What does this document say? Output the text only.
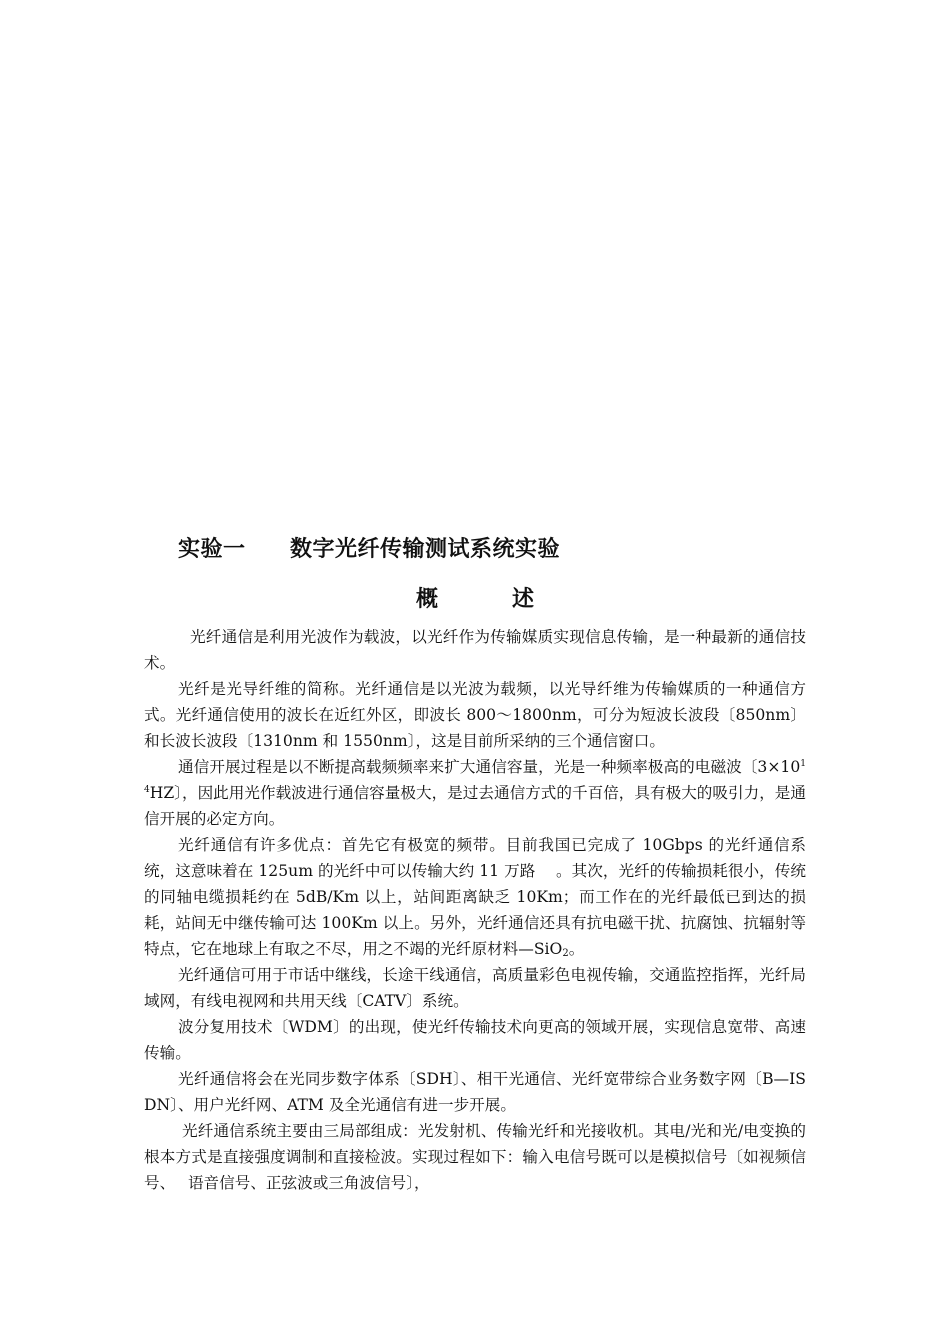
实验一 数字光纤传输测试系统实验
概	述

光纤通信是利用光波作为载波，以光纤作为传输媒质实现信息传输，是一种最新的通信技术。

光纤是光导纤维的简称。光纤通信是以光波为载频，以光导纤维为传输媒质的一种通信方式。光纤通信使用的波长在近红外区，即波长 800～1800nm，可分为短波长波段〔850nm〕和长波长波段〔1310nm 和 1550nm〕，这是目前所采纳的三个通信窗口。

通信开展过程是以不断提高载频频率来扩大通信容量，光是一种频率极高的电磁波〔$3\times 10^{14}HZ$〕，因此用光作载波进行通信容量极大，是过去通信方式的千百倍，具有极大的吸引力，是通信开展的必定方向。

光纤通信有许多优点：首先它有极宽的频带。目前我国已完成了 10Gbps 的光纤通信系统，这意味着在 125um 的光纤中可以传输大约 11 万路　 。其次，光纤的传输损耗很小，传统的同轴电缆损耗约在 5dB/Km 以上，站间距离缺乏 10Km；而工作在的光纤最低已到达的损耗，站间无中继传输可达 100Km 以上。另外，光纤通信还具有抗电磁干扰、抗腐蚀、抗辐射等特点，它在地球上有取之不尽，用之不竭的光纤原材料—SiO$_2$。

光纤通信可用于市话中继线，长途干线通信，高质量彩色电视传输，交通监控指挥，光纤局域网，有线电视网和共用天线〔CATV〕系统。

波分复用技术〔WDM〕的出现，使光纤传输技术向更高的领域开展，实现信息宽带、高速传输。

光纤通信将会在光同步数字体系〔SDH〕、相干光通信、光纤宽带综合业务数字网〔B—ISDN〕、用户光纤网、ATM 及全光通信有进一步开展。

光纤通信系统主要由三局部组成：光发射机、传输光纤和光接收机。其电/光和光/电变换的根本方式是直接强度调制和直接检波。实现过程如下：输入电信号既可以是模拟信号〔如视频信号、　 语音信号、正弦波或三角波信号〕，
